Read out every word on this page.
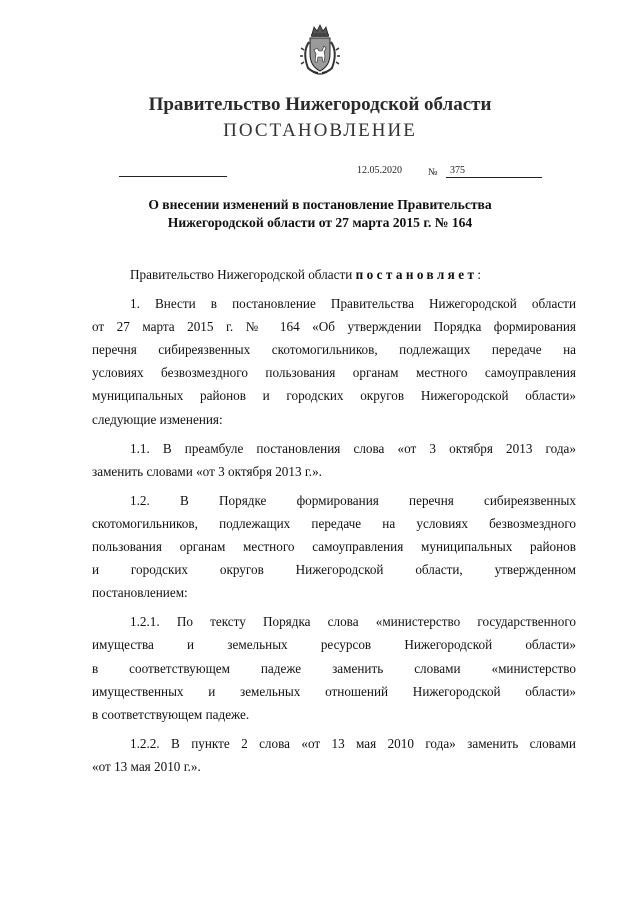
Правительство Нижегородской области
ПОСТАНОВЛЕНИЕ
12.05.2020	№ 375
О внесении изменений в постановление Правительства
Нижегородской области от 27 марта 2015 г. № 164

Правительство Нижегородской области постановляет:

1. Внести в постановление Правительства Нижегородской области
от 27 марта 2015 г. № 164 «Об утверждении Порядка формирования
перечня сибиреязвенных скотомогильников, подлежащих передаче на
условиях безвозмездного пользования органам местного самоуправления
муниципальных районов и городских округов Нижегородской области»
следующие изменения:
1.1. В преамбуле постановления слова «от 3 октября 2013 года»
заменить словами «от 3 октября 2013 г.».
1.2. В Порядке формирования перечня сибиреязвенных
скотомогильников, подлежащих передаче на условиях безвозмездного
пользования органам местного самоуправления муниципальных районов
и городских округов Нижегородской области, утвержденном
постановлением:
1.2.1. По тексту Порядка слова «министерство государственного
имущества и земельных ресурсов Нижегородской области»
в соответствующем падеже заменить словами «министерство
имущественных и земельных отношений Нижегородской области»
в соответствующем падеже.
1.2.2. В пункте 2 слова «от 13 мая 2010 года» заменить словами
«от 13 мая 2010 г.».
